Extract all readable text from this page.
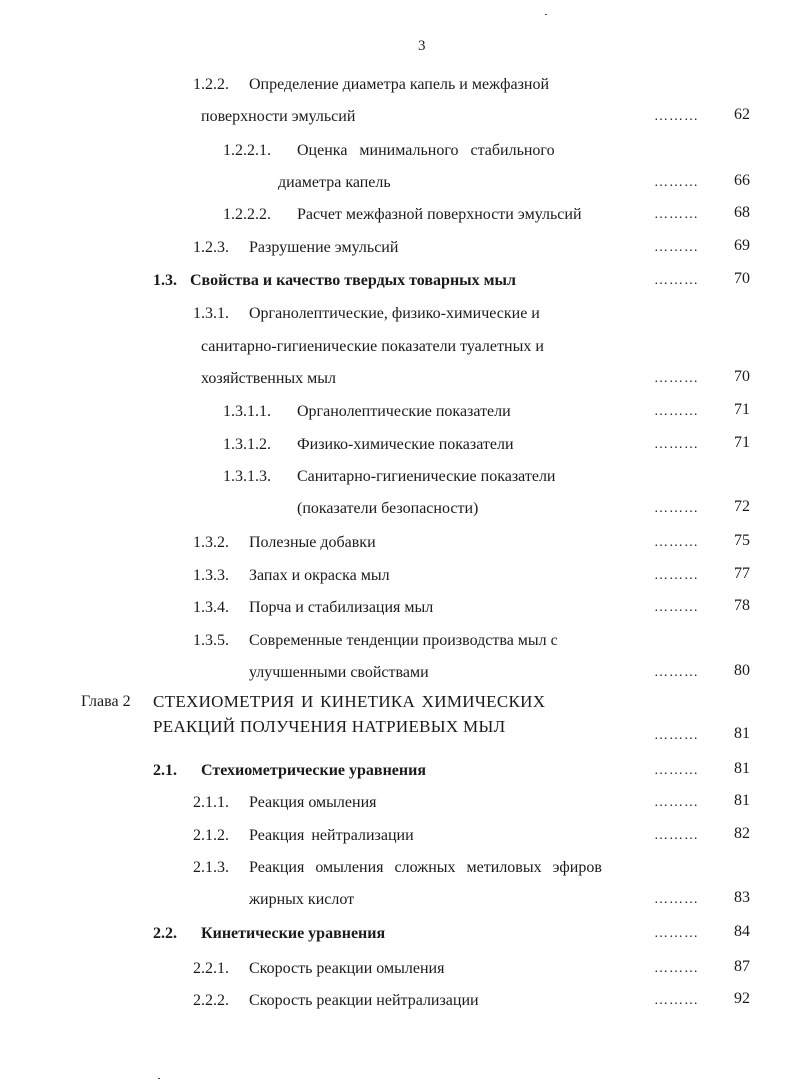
3
1.2.2. Определение диаметра капель и межфазной
поверхности эмульсий	………	62
1.2.2.1. Оценка минимального стабильного
диаметра капель	………	66
1.2.2.2. Расчет межфазной поверхности эмульсий	………	68
1.2.3. Разрушение эмульсий	………	69
1.3. Свойства и качество твердых товарных мыл	………	70
1.3.1. Органолептические, физико-химические и
санитарно-гигиенические показатели туалетных и
хозяйственных мыл	………	70
1.3.1.1. Органолептические показатели	………	71
1.3.1.2. Физико-химические показатели	………	71
1.3.1.3. Санитарно-гигиенические показатели
(показатели безопасности)	………	72
1.3.2. Полезные добавки	………	75
1.3.3. Запах и окраска мыл	………	77
1.3.4. Порча и стабилизация мыл	………	78
1.3.5. Современные тенденции производства мыл с
улучшенными свойствами	………	80
Глава 2 СТЕХИОМЕТРИЯ И КИНЕТИКА ХИМИЧЕСКИХ
РЕАКЦИЙ ПОЛУЧЕНИЯ НАТРИЕВЫХ МЫЛ	………	81
2.1. Стехиометрические уравнения	………	81
2.1.1. Реакция омыления	………	81
2.1.2. Реакция нейтрализации	………	82
2.1.3. Реакция омыления сложных метиловых эфиров
жирных кислот	………	83
2.2. Кинетические уравнения	………	84
2.2.1. Скорость реакции омыления	………	87
2.2.2. Скорость реакции нейтрализации	………	92
